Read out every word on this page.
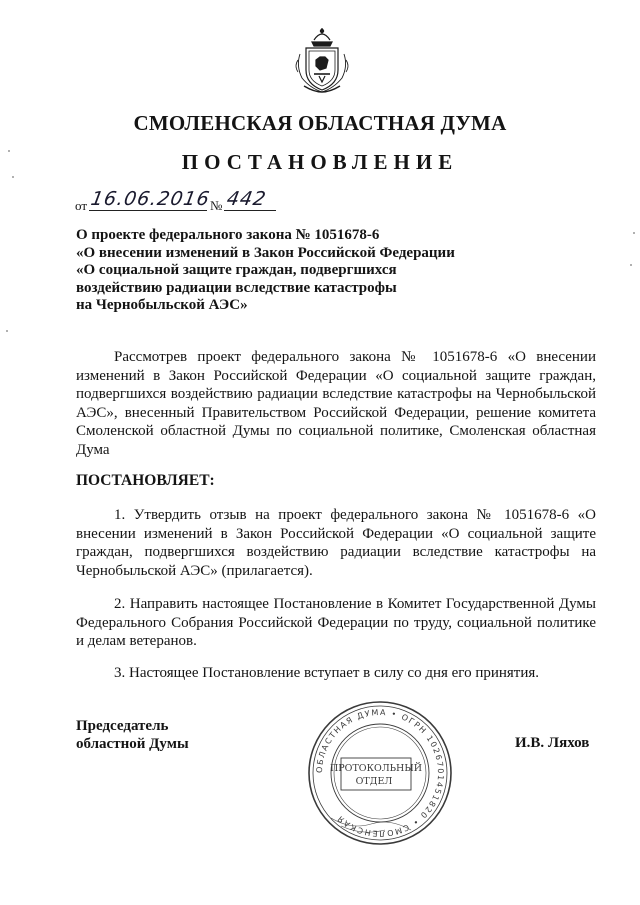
СМОЛЕНСКАЯ ОБЛАСТНАЯ ДУМА
ПОСТАНОВЛЕНИЕ
от 16.06.2016
№ 442
О проекте федерального закона № 1051678-6
«О внесении изменений в Закон Российской Федерации
«О социальной защите граждан, подвергшихся
воздействию радиации вследствие катастрофы
на Чернобыльской АЭС»

Рассмотрев проект федерального закона № 1051678-6 «О внесении изменений в Закон Российской Федерации «О социальной защите граждан, подвергшихся воздействию радиации вследствие катастрофы на Чернобыльской АЭС», внесенный Правительством Российской Федерации, решение комитета Смоленской областной Думы по социальной политике, Смоленская областная Дума

ПОСТАНОВЛЯЕТ:

1. Утвердить отзыв на проект федерального закона № 1051678-6 «О внесении изменений в Закон Российской Федерации «О социальной защите граждан, подвергшихся воздействию радиации вследствие катастрофы на Чернобыльской АЭС» (прилагается).

2. Направить настоящее Постановление в Комитет Государственной Думы Федерального Собрания Российской Федерации по труду, социальной политике и делам ветеранов.

3. Настоящее Постановление вступает в силу со дня его принятия.

Председатель
областной Думы	И.В. Ляхов
ОБЛАСТНАЯ ДУМА • ОГРН 1026701451820 • СМОЛЕНСКАЯ
ПРОТОКОЛЬНЫЙ
ОТДЕЛ
